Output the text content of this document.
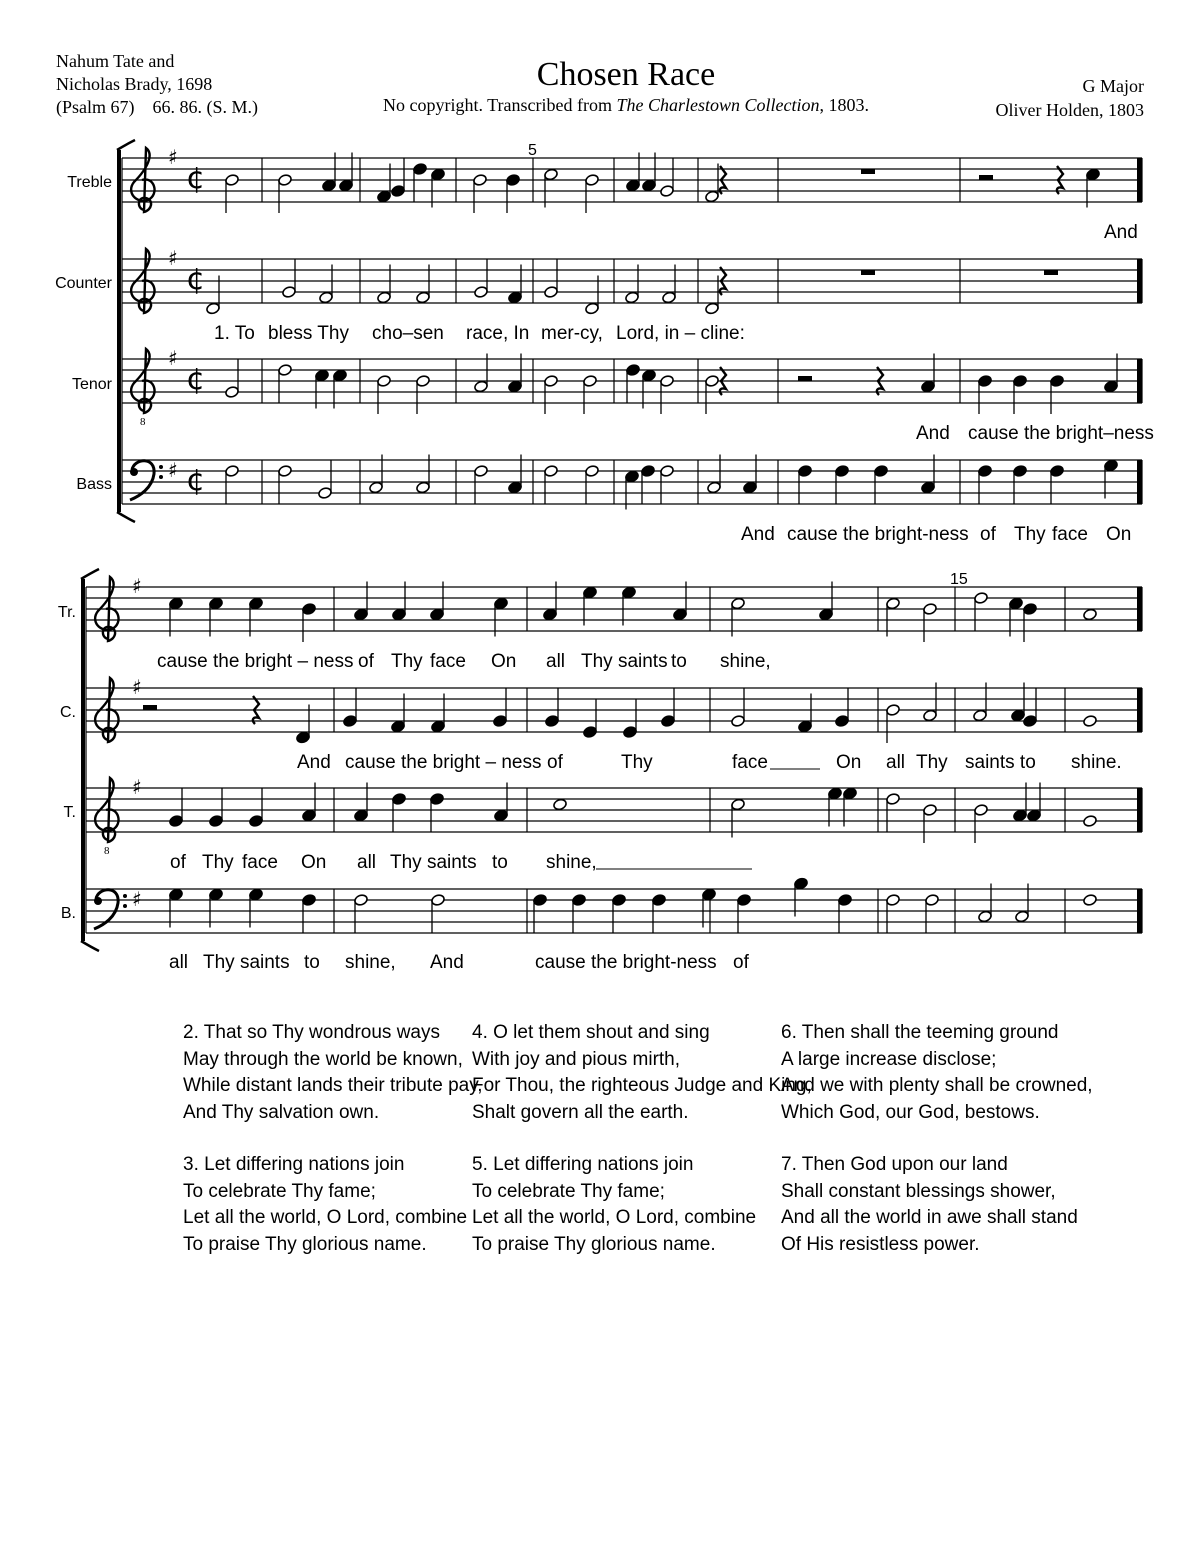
Nahum Tate and
Nicholas Brady, 1698
(Psalm 67)    66. 86. (S. M.)
Chosen Race
No copyright. Transcribed from The Charlestown Collection, 1803.
G Major
Oliver Holden, 1803

♯
¢

♯
¢

8
♯
¢

♯ ¢

♯

♯

8
♯

♯
Treble
Counter
Tenor
Bass
Tr.
C.
T.
B.
5
15
And
1. To bless Thy cho–sen race, In mer-cy, Lord, in – cline:
And cause the bright–ness
And cause the bright-ness of Thy face On
cause the bright – ness of Thy face On all Thy saints to shine,
And cause the bright – ness of	Thy	face	On all Thy saints to shine.
of Thy face On all Thy saints to shine,
all Thy saints to shine, And	cause the bright-ness of
2. That so Thy wondrous ways
May through the world be known,
While distant lands their tribute pay,
And Thy salvation own.
3. Let differing nations join
To celebrate Thy fame;
Let all the world, O Lord, combine
To praise Thy glorious name.
4. O let them shout and sing
With joy and pious mirth,
For Thou, the righteous Judge and King,
Shalt govern all the earth.
5. Let differing nations join
To celebrate Thy fame;
Let all the world, O Lord, combine
To praise Thy glorious name.
6. Then shall the teeming ground
A large increase disclose;
And we with plenty shall be crowned,
Which God, our God, bestows.
7. Then God upon our land
Shall constant blessings shower,
And all the world in awe shall stand
Of His resistless power.
